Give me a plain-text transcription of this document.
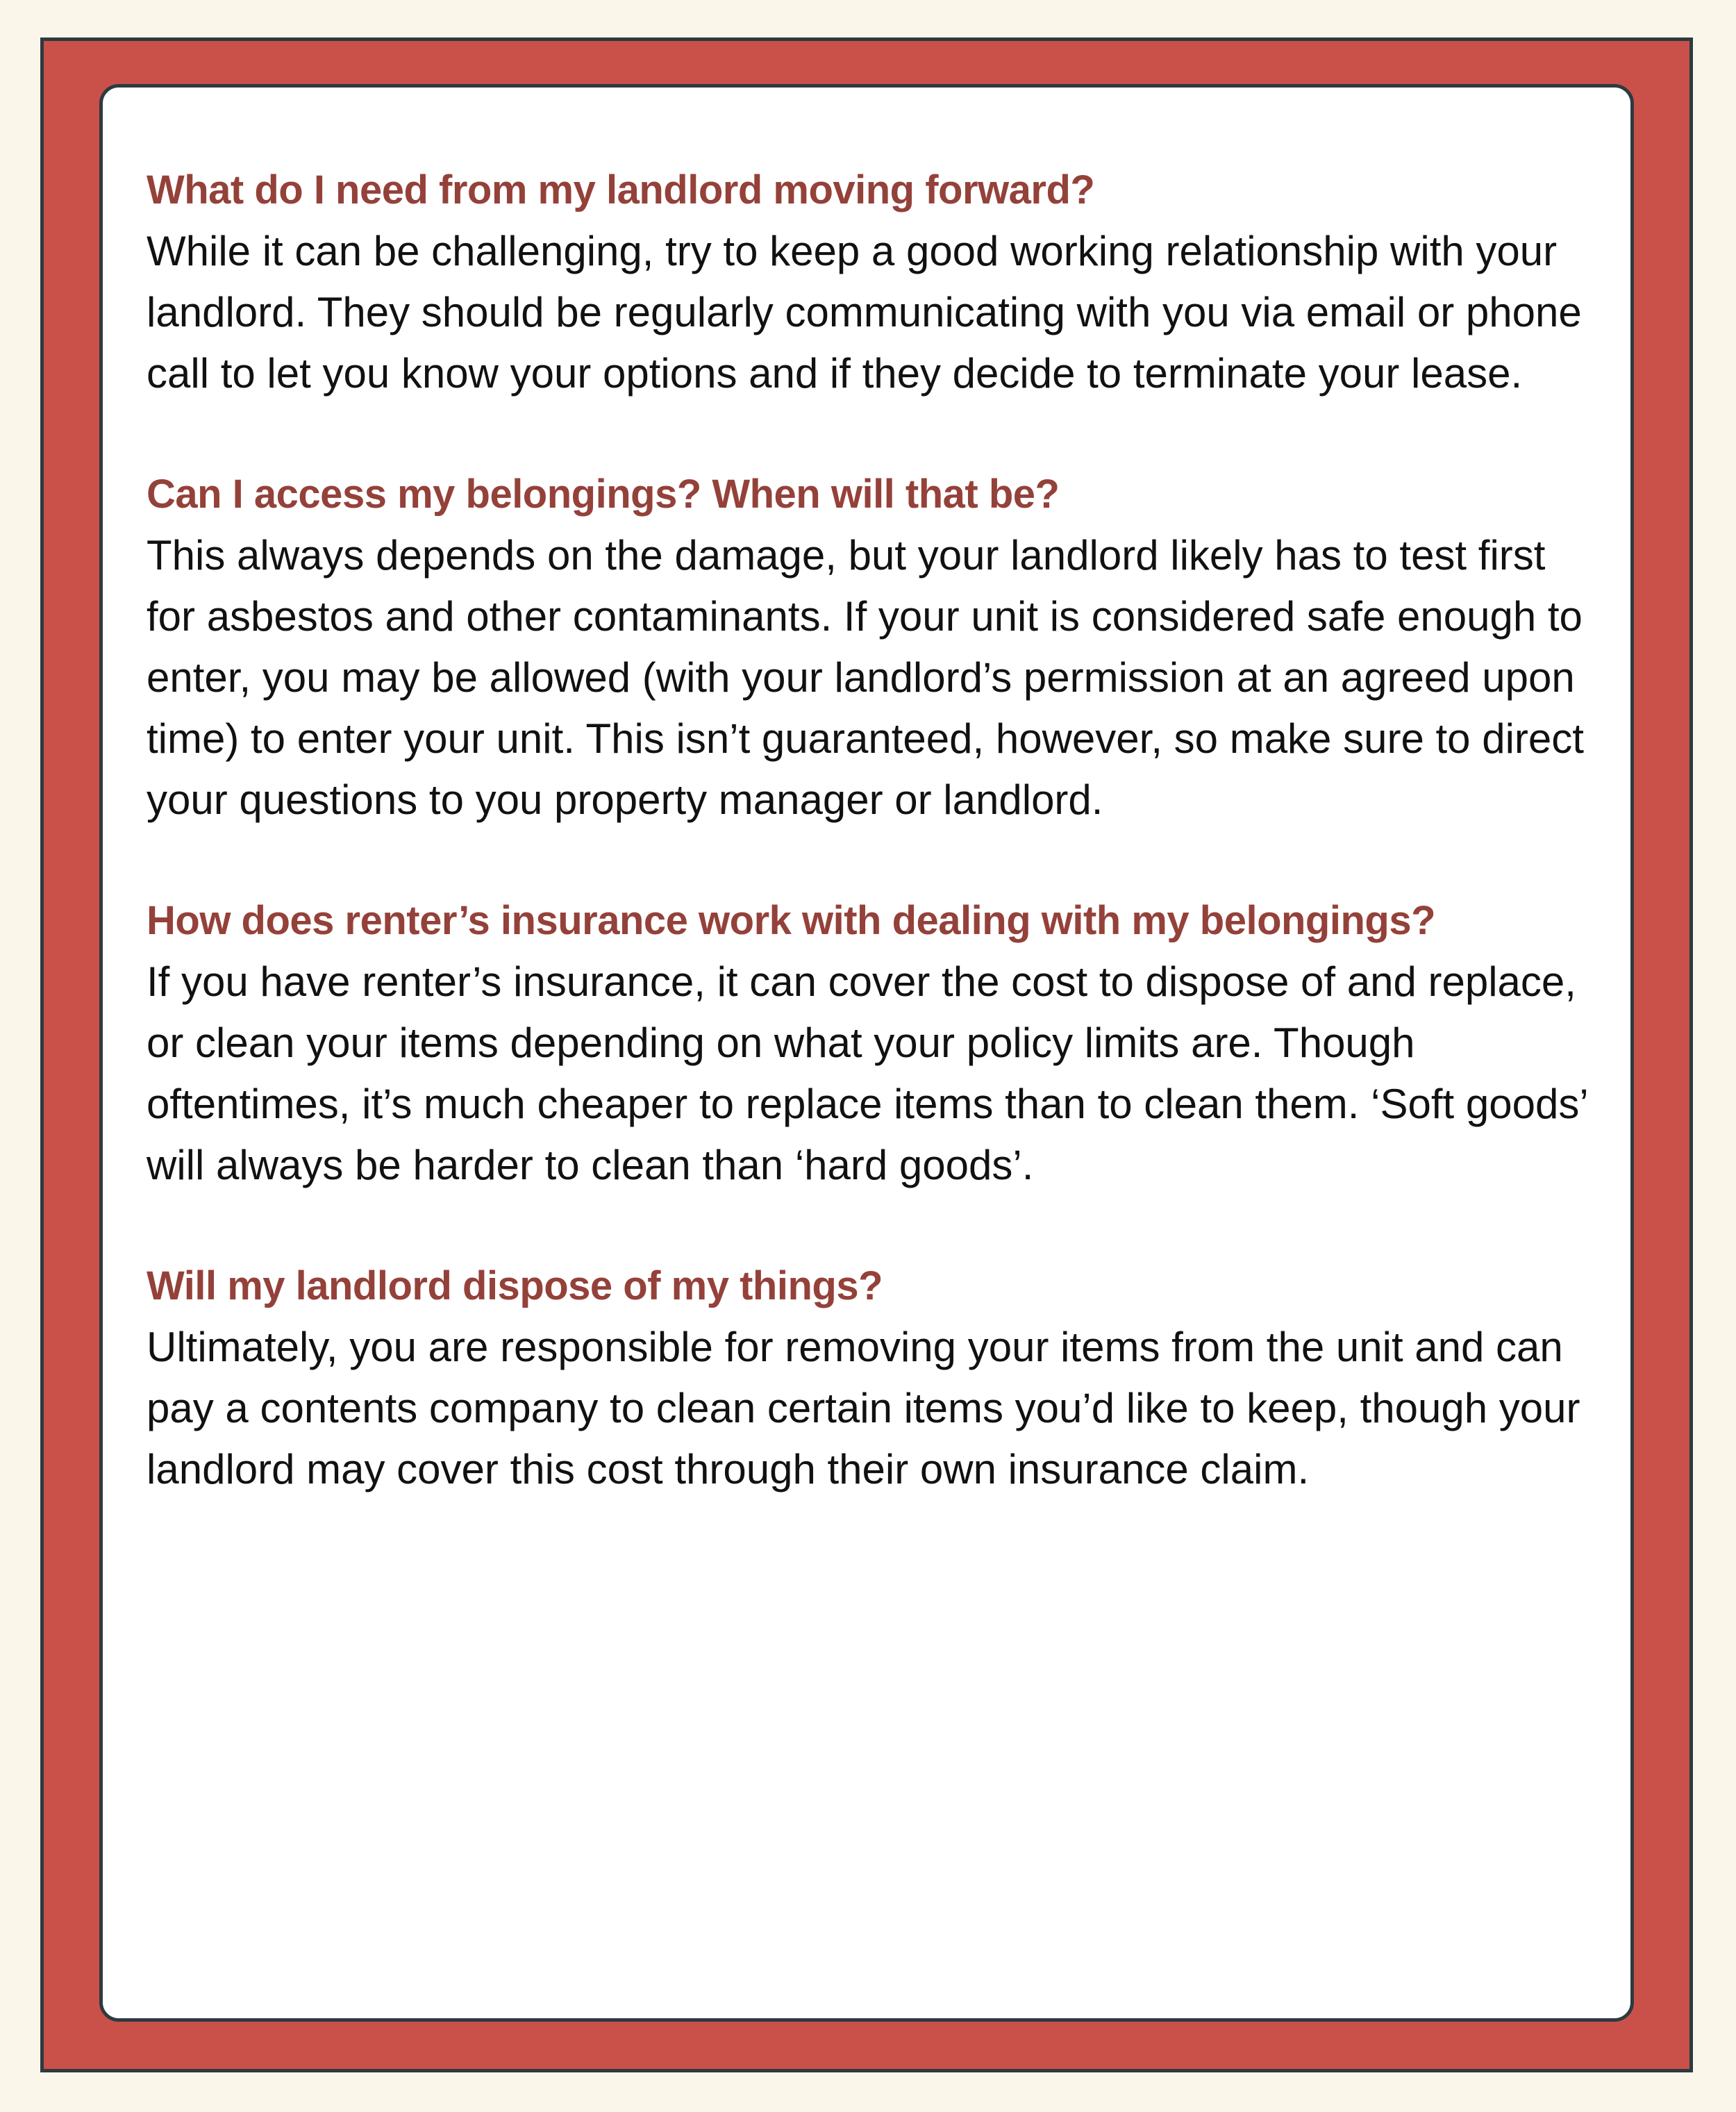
What do I need from my landlord moving forward?

While it can be challenging, try to keep a good working relationship with your landlord. They should be regularly communicating with you via email or phone call to let you know your options and if they decide to terminate your lease.

Can I access my belongings? When will that be?

This always depends on the damage, but your landlord likely has to test first for asbestos and other contaminants. If your unit is considered safe enough to enter, you may be allowed (with your landlord’s permission at an agreed upon time) to enter your unit. This isn’t guaranteed, however, so make sure to direct your questions to you property manager or landlord.

How does renter’s insurance work with dealing with my belongings?

If you have renter’s insurance, it can cover the cost to dispose of and replace, or clean your items depending on what your policy limits are. Though oftentimes, it’s much cheaper to replace items than to clean them. ‘Soft goods’ will always be harder to clean than ‘hard goods’.

Will my landlord dispose of my things?

Ultimately, you are responsible for removing your items from the unit and can pay a contents company to clean certain items you’d like to keep, though your landlord may cover this cost through their own insurance claim.
